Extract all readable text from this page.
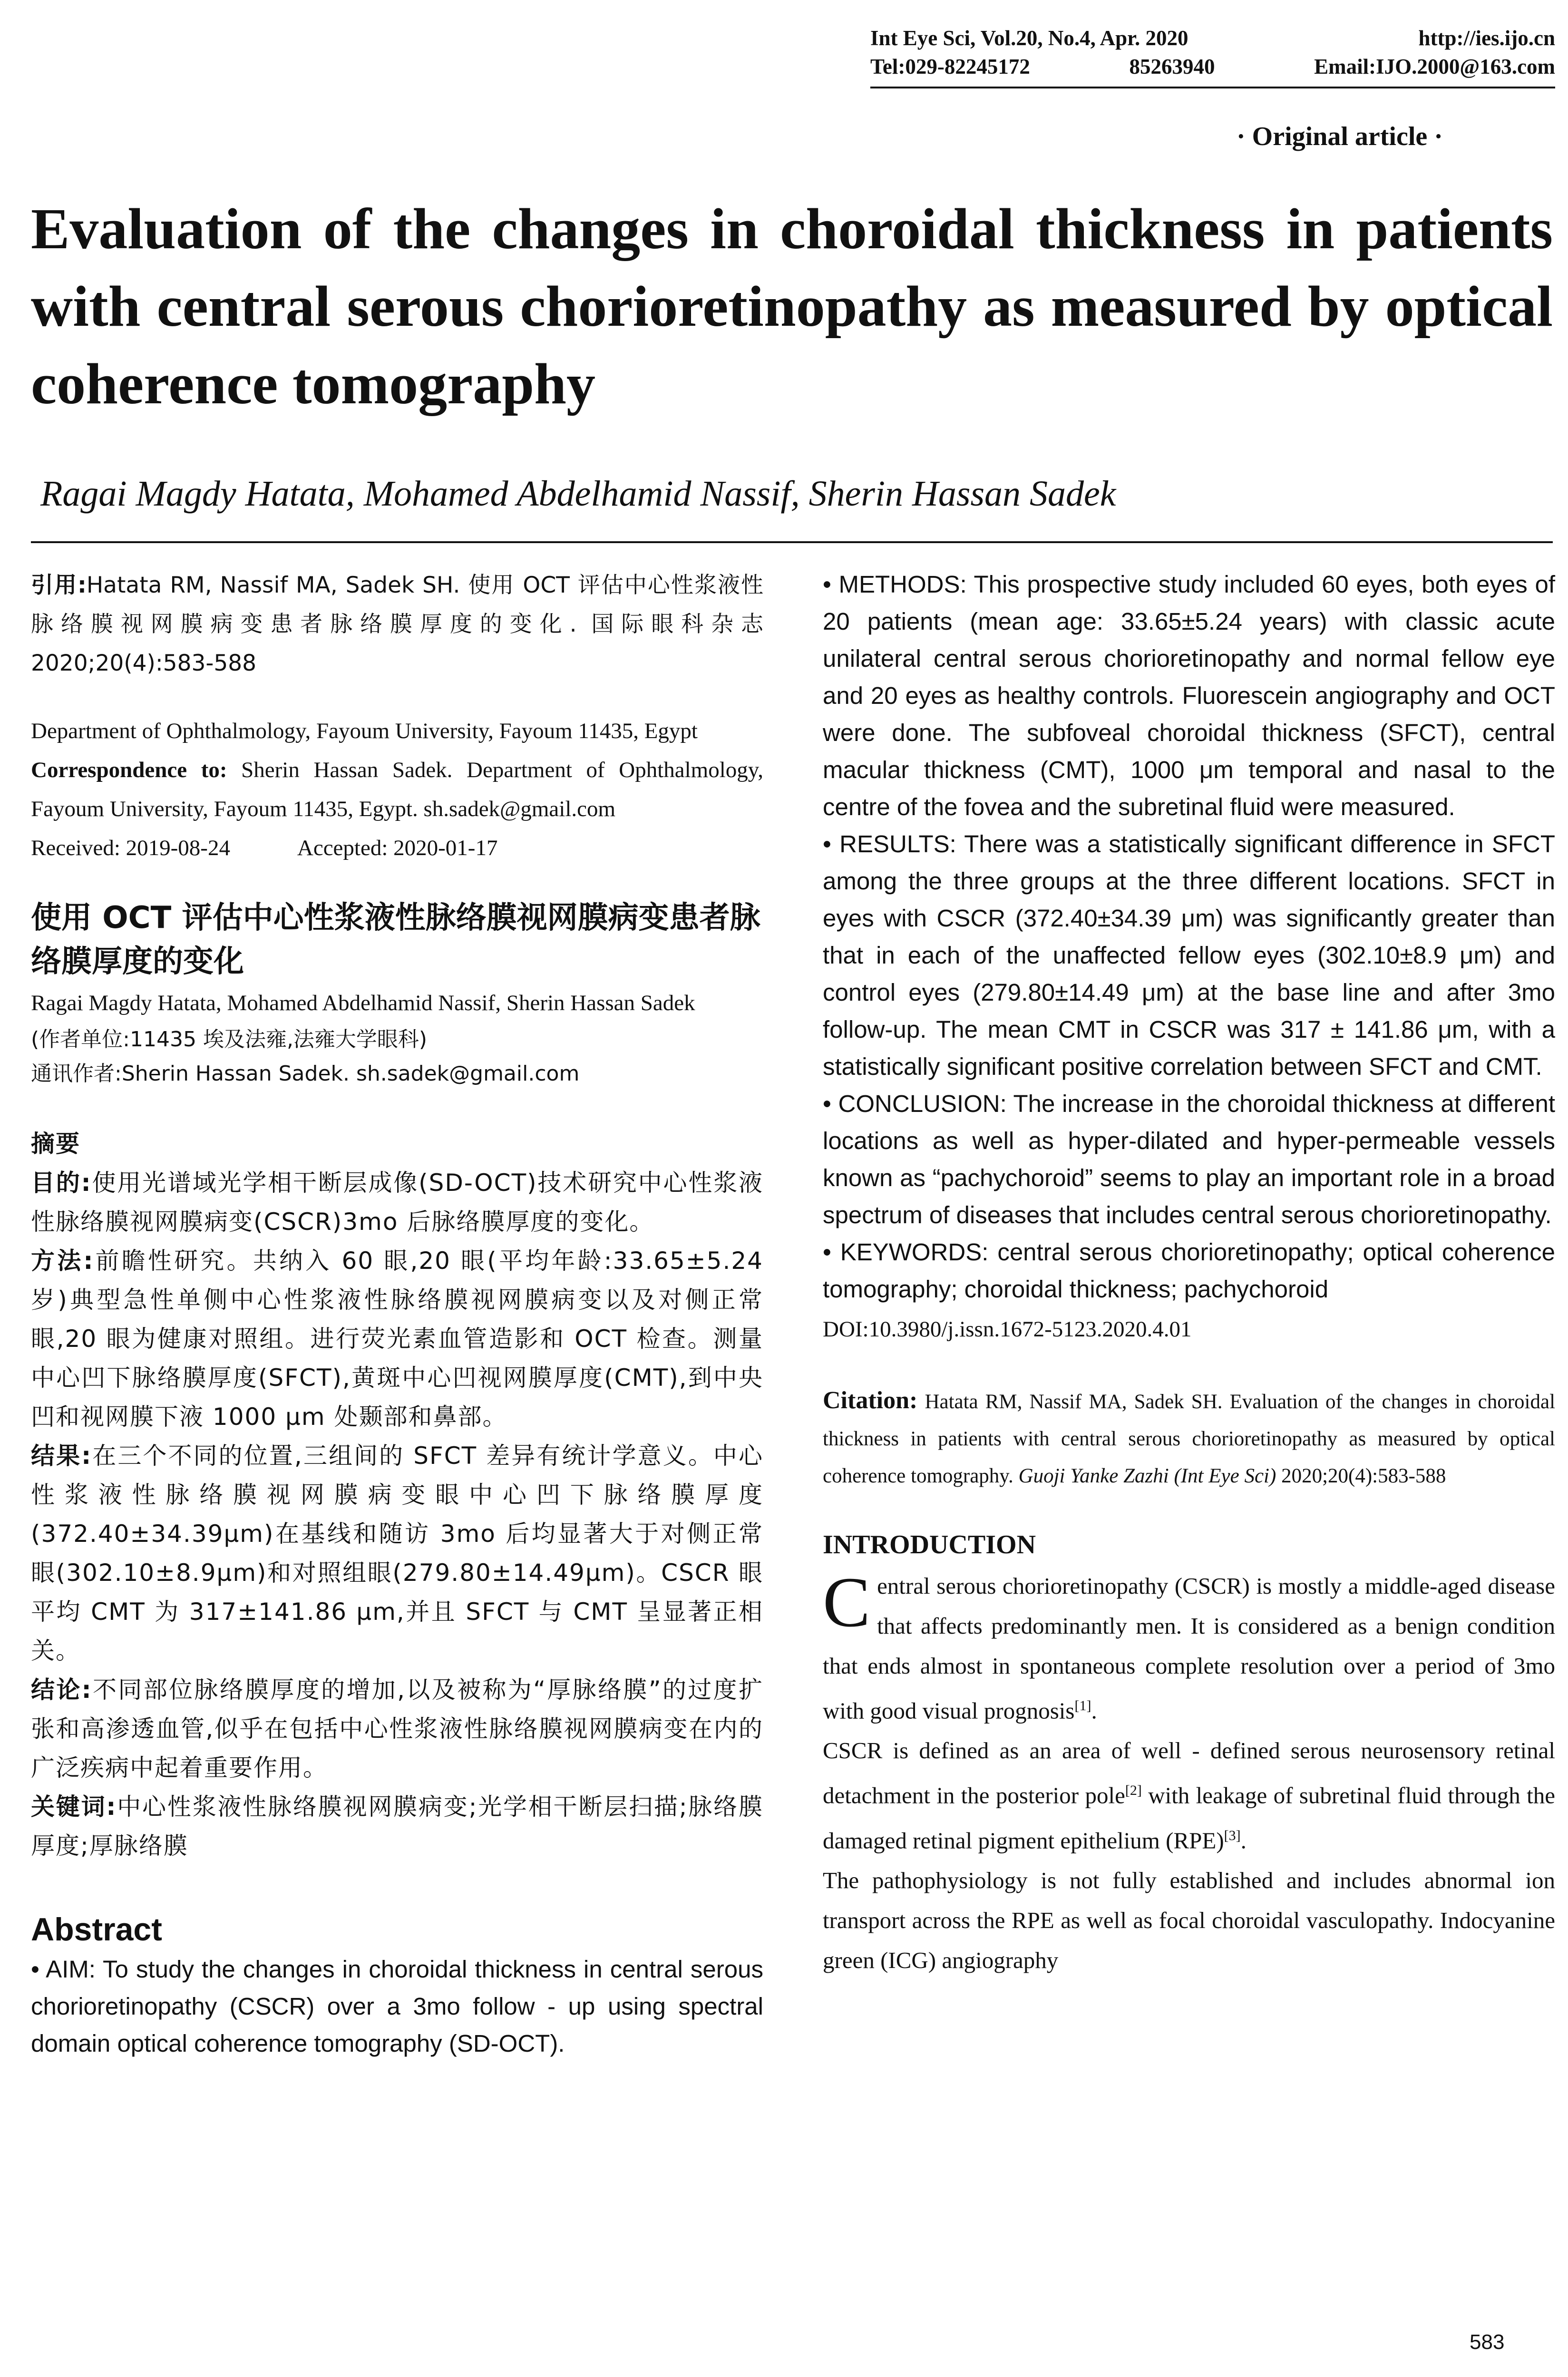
Int Eye Sci, Vol.20, No.4, Apr. 2020	http://ies.ijo.cn
Tel:029-82245172	85263940	Email:IJO.2000@163.com
· Original article ·
Evaluation of the changes in choroidal thickness in patients with central serous chorioretinopathy as measured by optical coherence tomography
Ragai Magdy Hatata, Mohamed Abdelhamid Nassif, Sherin Hassan Sadek

引用:Hatata RM, Nassif MA, Sadek SH. 使用 OCT 评估中心性浆液性脉络膜视网膜病变患者脉络膜厚度的变化. 国际眼科杂志 2020;20(4):583-588

Department of Ophthalmology, Fayoum University, Fayoum 11435, Egypt

Correspondence to: Sherin Hassan Sadek. Department of Ophthalmology, Fayoum University, Fayoum 11435, Egypt. sh.sadek@gmail.com

Received: 2019-08-24	Accepted: 2020-01-17

使用 OCT 评估中心性浆液性脉络膜视网膜病变患者脉络膜厚度的变化

Ragai Magdy Hatata, Mohamed Abdelhamid Nassif, Sherin Hassan Sadek

(作者单位:11435 埃及法雍,法雍大学眼科)

通讯作者:Sherin Hassan Sadek. sh.sadek@gmail.com

摘要

目的:使用光谱域光学相干断层成像(SD-OCT)技术研究中心性浆液性脉络膜视网膜病变(CSCR)3mo 后脉络膜厚度的变化。

方法:前瞻性研究。共纳入 60 眼,20 眼(平均年龄:33.65±5.24 岁)典型急性单侧中心性浆液性脉络膜视网膜病变以及对侧正常眼,20 眼为健康对照组。进行荧光素血管造影和 OCT 检查。测量中心凹下脉络膜厚度(SFCT),黄斑中心凹视网膜厚度(CMT),到中央凹和视网膜下液 1000 μm 处颞部和鼻部。

结果:在三个不同的位置,三组间的 SFCT 差异有统计学意义。中心性浆液性脉络膜视网膜病变眼中心凹下脉络膜厚度(372.40±34.39μm)在基线和随访 3mo 后均显著大于对侧正常眼(302.10±8.9μm)和对照组眼(279.80±14.49μm)。CSCR 眼平均 CMT 为 317±141.86 μm,并且 SFCT 与 CMT 呈显著正相关。

结论:不同部位脉络膜厚度的增加,以及被称为“厚脉络膜”的过度扩张和高渗透血管,似乎在包括中心性浆液性脉络膜视网膜病变在内的广泛疾病中起着重要作用。

关键词:中心性浆液性脉络膜视网膜病变;光学相干断层扫描;脉络膜厚度;厚脉络膜

Abstract

• AIM: To study the changes in choroidal thickness in central serous chorioretinopathy (CSCR) over a 3mo follow - up using spectral domain optical coherence tomography (SD-OCT).

• METHODS: This prospective study included 60 eyes, both eyes of 20 patients (mean age: 33.65±5.24 years) with classic acute unilateral central serous chorioretinopathy and normal fellow eye and 20 eyes as healthy controls. Fluorescein angiography and OCT were done. The subfoveal choroidal thickness (SFCT), central macular thickness (CMT), 1000 μm temporal and nasal to the centre of the fovea and the subretinal fluid were measured.

• RESULTS: There was a statistically significant difference in SFCT among the three groups at the three different locations. SFCT in eyes with CSCR (372.40±34.39 μm) was significantly greater than that in each of the unaffected fellow eyes (302.10±8.9 μm) and control eyes (279.80±14.49 μm) at the base line and after 3mo follow-up. The mean CMT in CSCR was 317 ± 141.86 μm, with a statistically significant positive correlation between SFCT and CMT.

• CONCLUSION: The increase in the choroidal thickness at different locations as well as hyper-dilated and hyper-permeable vessels known as “pachychoroid” seems to play an important role in a broad spectrum of diseases that includes central serous chorioretinopathy.

• KEYWORDS: central serous chorioretinopathy; optical coherence tomography; choroidal thickness; pachychoroid

DOI:10.3980/j.issn.1672-5123.2020.4.01

Citation: Hatata RM, Nassif MA, Sadek SH. Evaluation of the changes in choroidal thickness in patients with central serous chorioretinopathy as measured by optical coherence tomography. Guoji Yanke Zazhi (Int Eye Sci) 2020;20(4):583-588

INTRODUCTION

Central serous chorioretinopathy (CSCR) is mostly a middle-aged disease that affects predominantly men. It is considered as a benign condition that ends almost in spontaneous complete resolution over a period of 3mo with good visual prognosis[1].

CSCR is defined as an area of well - defined serous neurosensory retinal detachment in the posterior pole[2] with leakage of subretinal fluid through the damaged retinal pigment epithelium (RPE)[3].

The pathophysiology is not fully established and includes abnormal ion transport across the RPE as well as focal choroidal vasculopathy. Indocyanine green (ICG) angiography

583
